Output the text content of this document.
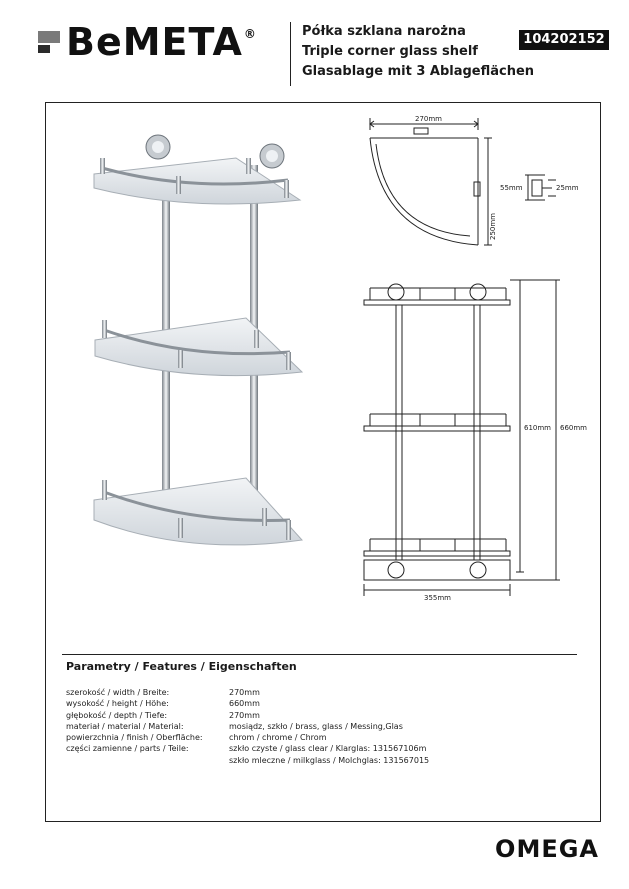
BeMETA ®	Półka szklana narożna
Triple corner glass shelf
Glasablage mit 3 Ablageflächen
104202152
270mm
250mm
55mm	25mm
610mm 660mm
355mm
Parametry / Features / Eigenschaften
szerokość / width / Breite:	270mm
wysokość / height / Höhe:	660mm
głębokość / depth / Tiefe:	270mm
materiał / material / Material:	mosiądz, szkło / brass, glass / Messing,Glas
powierzchnia / finish / Oberfläche:	chrom / chrome / Chrom
części zamienne / parts / Teile:	szkło czyste / glass clear / Klarglas: 131567106m
szkło mleczne / milkglass / Molchglas: 131567015
OMEGA
